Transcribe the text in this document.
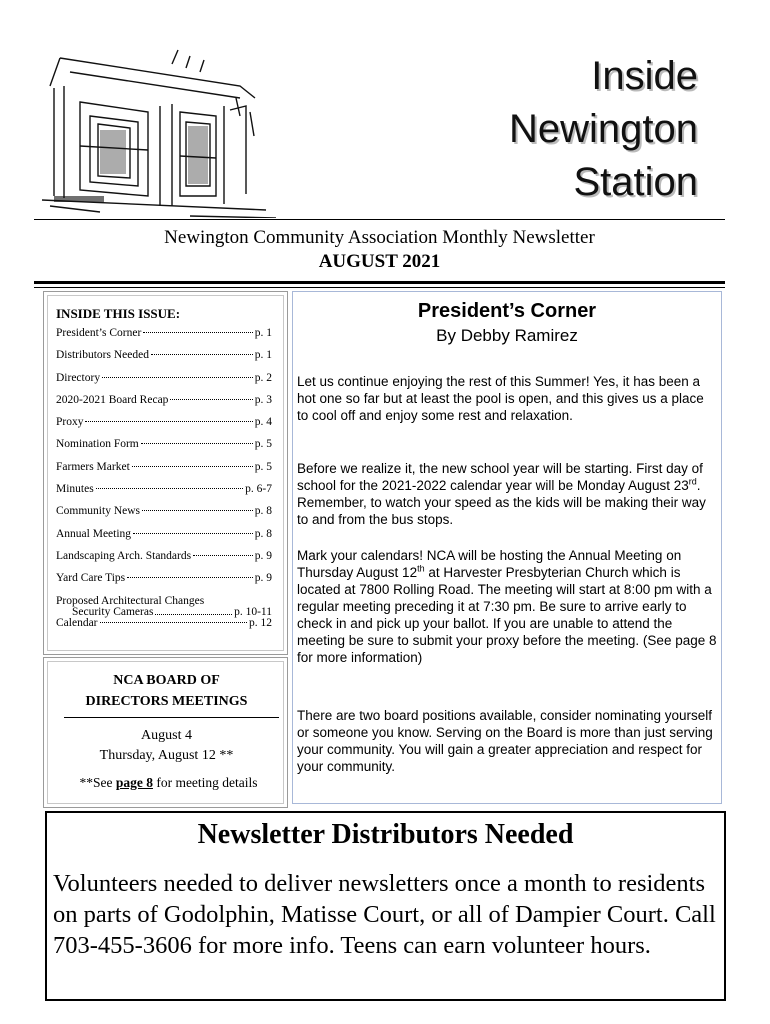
Inside
Newington
Station
Newington Community Association Monthly Newsletter
AUGUST 2021
INSIDE THIS ISSUE:
President’s Corner	p. 1
Distributors Needed	p. 1
Directory	p. 2
2020-2021 Board Recap	p. 3
Proxy	p. 4
Nomination Form	p. 5
Farmers Market	p. 5
Minutes	p. 6-7
Community News	p. 8
Annual Meeting	p. 8
Landscaping Arch. Standards	p. 9
Yard Care Tips	p. 9
Proposed Architectural Changes
Security Cameras	p. 10-11
Calendar	p. 12
NCA BOARD OF
DIRECTORS MEETINGS
August 4
Thursday, August 12 **
**See page 8 for meeting details
President’s Corner
By Debby Ramirez

Let us continue enjoying the rest of this Summer! Yes, it has been a hot one so far but at least the pool is open, and this gives us a place to cool off and enjoy some rest and relaxation.

Before we realize it, the new school year will be starting. First day of school for the 2021-2022 calendar year will be Monday August 23rd. Remember, to watch your speed as the kids will be making their way to and from the bus stops.

Mark your calendars! NCA will be hosting the Annual Meeting on Thursday August 12th at Harvester Presbyterian Church which is located at 7800 Rolling Road. The meeting will start at 8:00 pm with a regular meeting preceding it at 7:30 pm. Be sure to arrive early to check in and pick up your ballot. If you are unable to attend the meeting be sure to submit your proxy before the meeting. (See page 8 for more information)

There are two board positions available, consider nominating yourself or someone you know. Serving on the Board is more than just serving your community. You will gain a greater appreciation and respect for your community.

Newsletter Distributors Needed

Volunteers needed to deliver newsletters once a month to residents on parts of Godolphin, Matisse Court, or all of Dampier Court. Call 703-455-3606 for more info. Teens can earn volunteer hours.
